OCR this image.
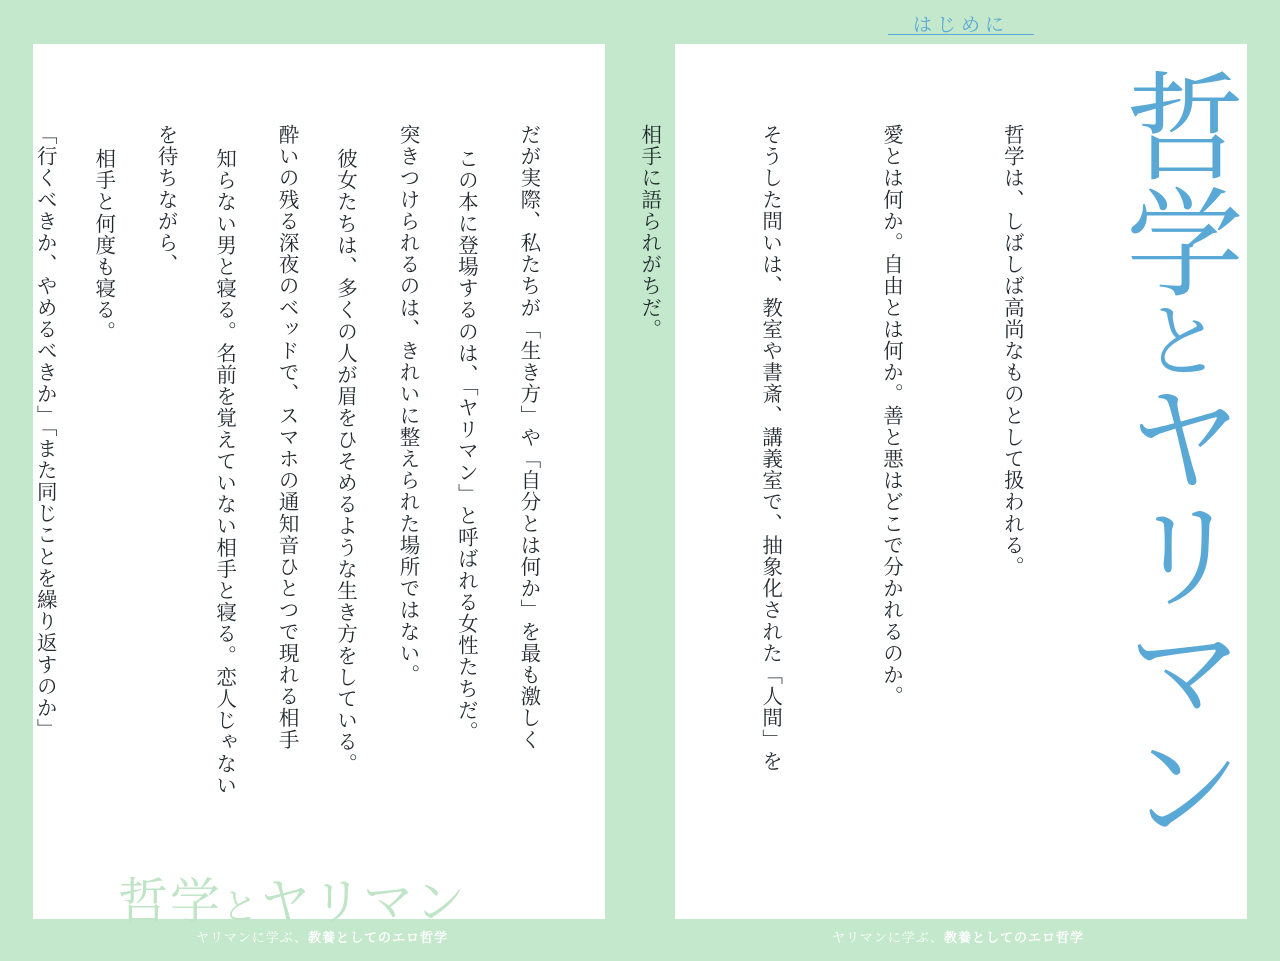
この本に登場するのは、「ヤリマン」と呼ばれる女性たちだ。

彼女たちは、多くの人が眉をひそめるような生き方をしている。

知らない男と寝る。名前を覚えていない相手と寝る。恋人じゃない

相手と何度も寝る。

哲学とヤリマン
哲学とヤリマン

哲学は、しばしば高尚なものとして扱われる。

愛とは何か。自由とは何か。善と悪はどこで分かれるのか。

そうした問いは、教室や書斎、講義室で、抽象化された「人間」を

相手に語られがちだ。

だが実際、私たちが「生き方」や「自分とは何か」を最も激しく

突きつけられるのは、きれいに整えられた場所ではない。

酔いの残る深夜のベッドで、スマホの通知音ひとつで現れる相手

を待ちながら、

「行くべきか、やめるべきか」「また同じことを繰り返すのか」

はじめに
ヤリマンに学ぶ、教養としてのエロ哲学	ヤリマンに学ぶ、教養としてのエロ哲学
